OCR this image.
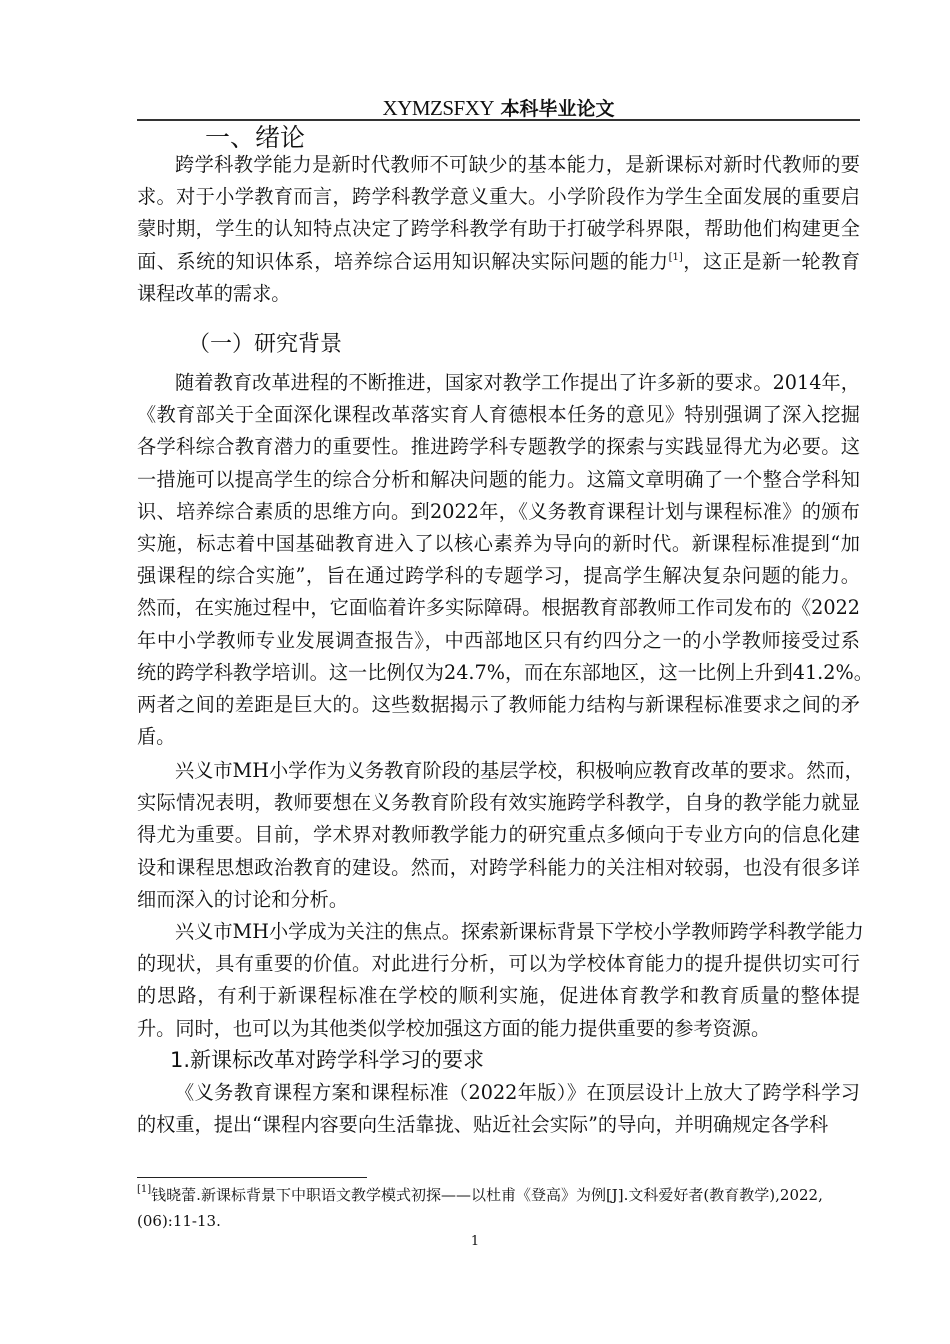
XYMZSFXY 本科毕业论文
一、绪论
跨学科教学能力是新时代教师不可缺少的基本能力，是新课标对新时代教师的要
求。对于小学教育而言，跨学科教学意义重大。小学阶段作为学生全面发展的重要启
蒙时期，学生的认知特点决定了跨学科教学有助于打破学科界限，帮助他们构建更全
面、系统的知识体系，培养综合运用知识解决实际问题的能力[1]，这正是新一轮教育
课程改革的需求。
（一）研究背景
随着教育改革进程的不断推进，国家对教学工作提出了许多新的要求。2014年，
《教育部关于全面深化课程改革落实育人育德根本任务的意见》特别强调了深入挖掘
各学科综合教育潜力的重要性。推进跨学科专题教学的探索与实践显得尤为必要。这
一措施可以提高学生的综合分析和解决问题的能力。这篇文章明确了一个整合学科知
识、培养综合素质的思维方向。到2022年，《义务教育课程计划与课程标准》的颁布
实施，标志着中国基础教育进入了以核心素养为导向的新时代。新课程标准提到“加
强课程的综合实施”，旨在通过跨学科的专题学习，提高学生解决复杂问题的能力。
然而，在实施过程中，它面临着许多实际障碍。根据教育部教师工作司发布的《2022
年中小学教师专业发展调查报告》，中西部地区只有约四分之一的小学教师接受过系
统的跨学科教学培训。这一比例仅为24.7%，而在东部地区，这一比例上升到41.2%。
两者之间的差距是巨大的。这些数据揭示了教师能力结构与新课程标准要求之间的矛
盾。
兴义市MH小学作为义务教育阶段的基层学校，积极响应教育改革的要求。然而，
实际情况表明，教师要想在义务教育阶段有效实施跨学科教学，自身的教学能力就显
得尤为重要。目前，学术界对教师教学能力的研究重点多倾向于专业方向的信息化建
设和课程思想政治教育的建设。然而，对跨学科能力的关注相对较弱，也没有很多详
细而深入的讨论和分析。
兴义市MH小学成为关注的焦点。探索新课标背景下学校小学教师跨学科教学能力
的现状，具有重要的价值。对此进行分析，可以为学校体育能力的提升提供切实可行
的思路，有利于新课程标准在学校的顺利实施，促进体育教学和教育质量的整体提
升。同时，也可以为其他类似学校加强这方面的能力提供重要的参考资源。
1.新课标改革对跨学科学习的要求
《义务教育课程方案和课程标准（2022年版）》在顶层设计上放大了跨学科学习
的权重，提出“课程内容要向生活靠拢、贴近社会实际”的导向，并明确规定各学科
[1]钱晓蕾.新课标背景下中职语文教学模式初探——以杜甫《登高》为例[J].文科爱好者(教育教学),2022,(06):11-13.
1
